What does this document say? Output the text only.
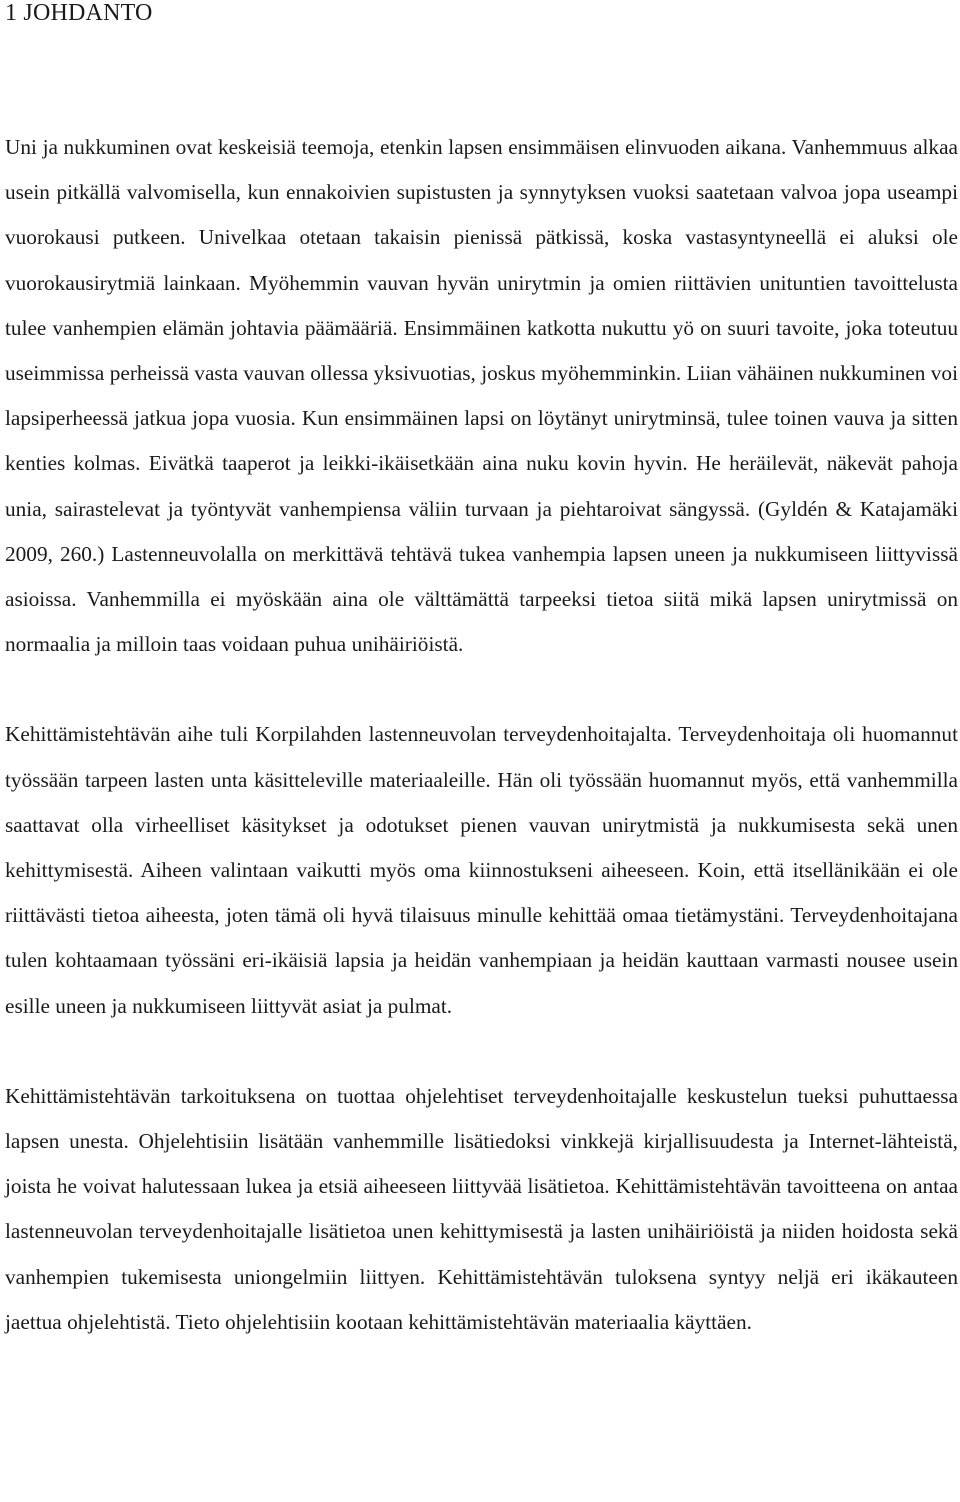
1 JOHDANTO

Uni ja nukkuminen ovat keskeisiä teemoja, etenkin lapsen ensimmäisen elinvuoden aikana. Vanhemmuus alkaa usein pitkällä valvomisella, kun ennakoivien supistusten ja synnytyksen vuoksi saatetaan valvoa jopa useampi vuorokausi putkeen. Univelkaa otetaan takaisin pienissä pätkissä, koska vastasyntyneellä ei aluksi ole vuorokausirytmiä lainkaan. Myöhemmin vauvan hyvän unirytmin ja omien riittävien unituntien tavoittelusta tulee vanhempien elämän johtavia päämääriä. Ensimmäinen katkotta nukuttu yö on suuri tavoite, joka toteutuu useimmissa perheissä vasta vauvan ollessa yksivuotias, joskus myöhemminkin. Liian vähäinen nukkuminen voi lapsiperheessä jatkua jopa vuosia. Kun ensimmäinen lapsi on löytänyt unirytminsä, tulee toinen vauva ja sitten kenties kolmas. Eivätkä taaperot ja leikki-ikäisetkään aina nuku kovin hyvin. He heräilevät, näkevät pahoja unia, sairastelevat ja työntyvät vanhempiensa väliin turvaan ja piehtaroivat sängyssä. (Gyldén & Katajamäki 2009, 260.) Lastenneuvolalla on merkittävä tehtävä tukea vanhempia lapsen uneen ja nukkumiseen liittyvissä asioissa. Vanhemmilla ei myöskään aina ole välttämättä tarpeeksi tietoa siitä mikä lapsen unirytmissä on normaalia ja milloin taas voidaan puhua unihäiriöistä.

Kehittämistehtävän aihe tuli Korpilahden lastenneuvolan terveydenhoitajalta. Terveydenhoitaja oli huomannut työssään tarpeen lasten unta käsitteleville materiaaleille. Hän oli työssään huomannut myös, että vanhemmilla saattavat olla virheelliset käsitykset ja odotukset pienen vauvan unirytmistä ja nukkumisesta sekä unen kehittymisestä. Aiheen valintaan vaikutti myös oma kiinnostukseni aiheeseen. Koin, että itsellänikään ei ole riittävästi tietoa aiheesta, joten tämä oli hyvä tilaisuus minulle kehittää omaa tietämystäni. Terveydenhoitajana tulen kohtaamaan työssäni eri-ikäisiä lapsia ja heidän vanhempiaan ja heidän kauttaan varmasti nousee usein esille uneen ja nukkumiseen liittyvät asiat ja pulmat.

Kehittämistehtävän tarkoituksena on tuottaa ohjelehtiset terveydenhoitajalle keskustelun tueksi puhuttaessa lapsen unesta. Ohjelehtisiin lisätään vanhemmille lisätiedoksi vinkkejä kirjallisuudesta ja Internet-lähteistä, joista he voivat halutessaan lukea ja etsiä aiheeseen liittyvää lisätietoa. Kehittämistehtävän tavoitteena on antaa lastenneuvolan terveydenhoitajalle lisätietoa unen kehittymisestä ja lasten unihäiriöistä ja niiden hoidosta sekä vanhempien tukemisesta uniongelmiin liittyen. Kehittämistehtävän tuloksena syntyy neljä eri ikäkauteen jaettua ohjelehtistä. Tieto ohjelehtisiin kootaan kehittämistehtävän materiaalia käyttäen.
